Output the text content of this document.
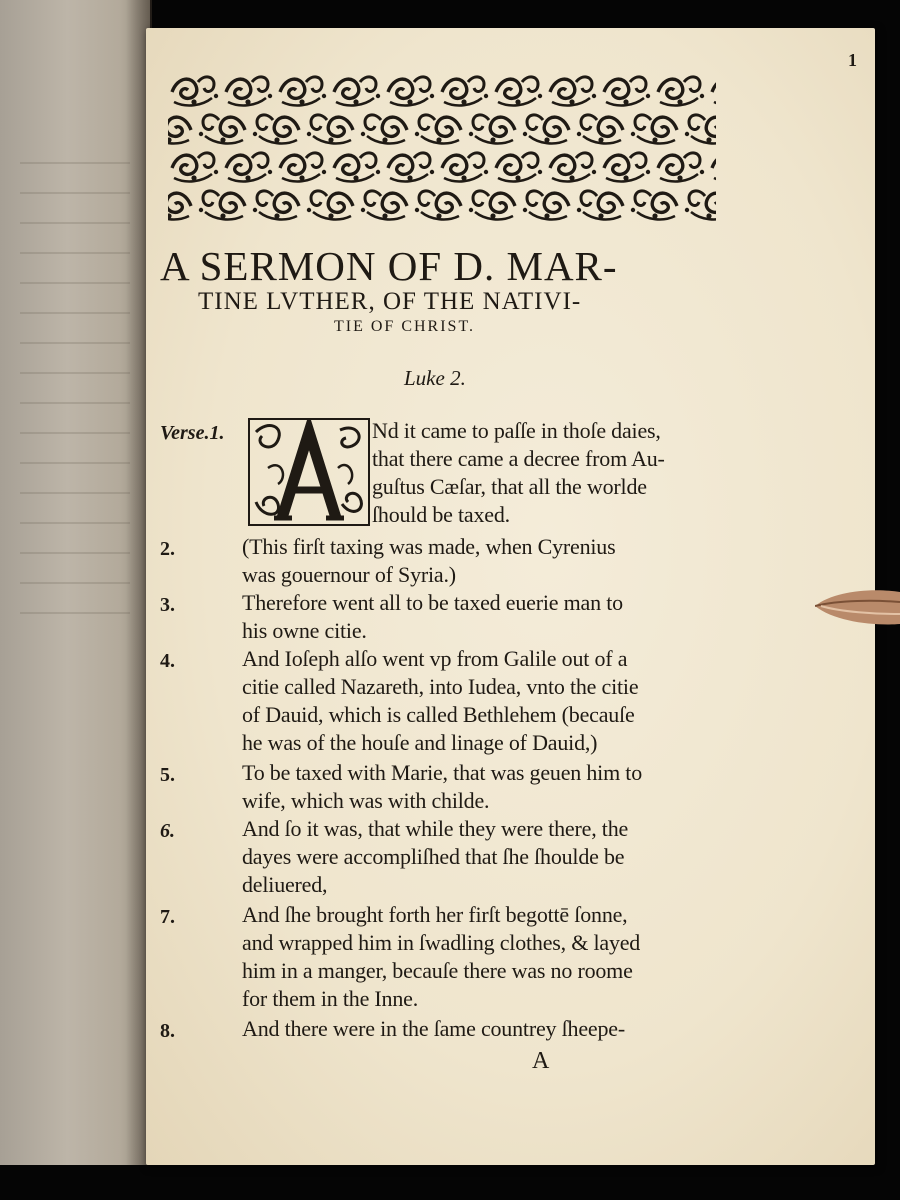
1
A SERMON OF D. MAR-
TINE LVTHER, OF THE NATIVI-
TIE OF CHRIST.
Luke 2.
Verse.1.
2.
3.
4.
5.
6.
7.
8.
Nd it came to paſſe in thoſe daies,
that there came a decree from Au-
guſtus Cæſar, that all the worlde
ſhould be taxed.
(This firſt taxing was made, when Cyrenius
was gouernour of Syria.)
Therefore went all to be taxed euerie man to
his owne citie.
And Ioſeph alſo went vp from Galile out of a
citie called Nazareth, into Iudea, vnto the citie
of Dauid, which is called Bethlehem (becauſe
he was of the houſe and linage of Dauid,)
To be taxed with Marie, that was geuen him to
wife, which was with childe.
And ſo it was, that while they were there, the
dayes were accompliſhed that ſhe ſhoulde be
deliuered,
And ſhe brought forth her firſt begottē ſonne,
and wrapped him in ſwadling clothes, & layed
him in a manger, becauſe there was no roome
for them in the Inne.
And there were in the ſame countrey ſheepe-
A
